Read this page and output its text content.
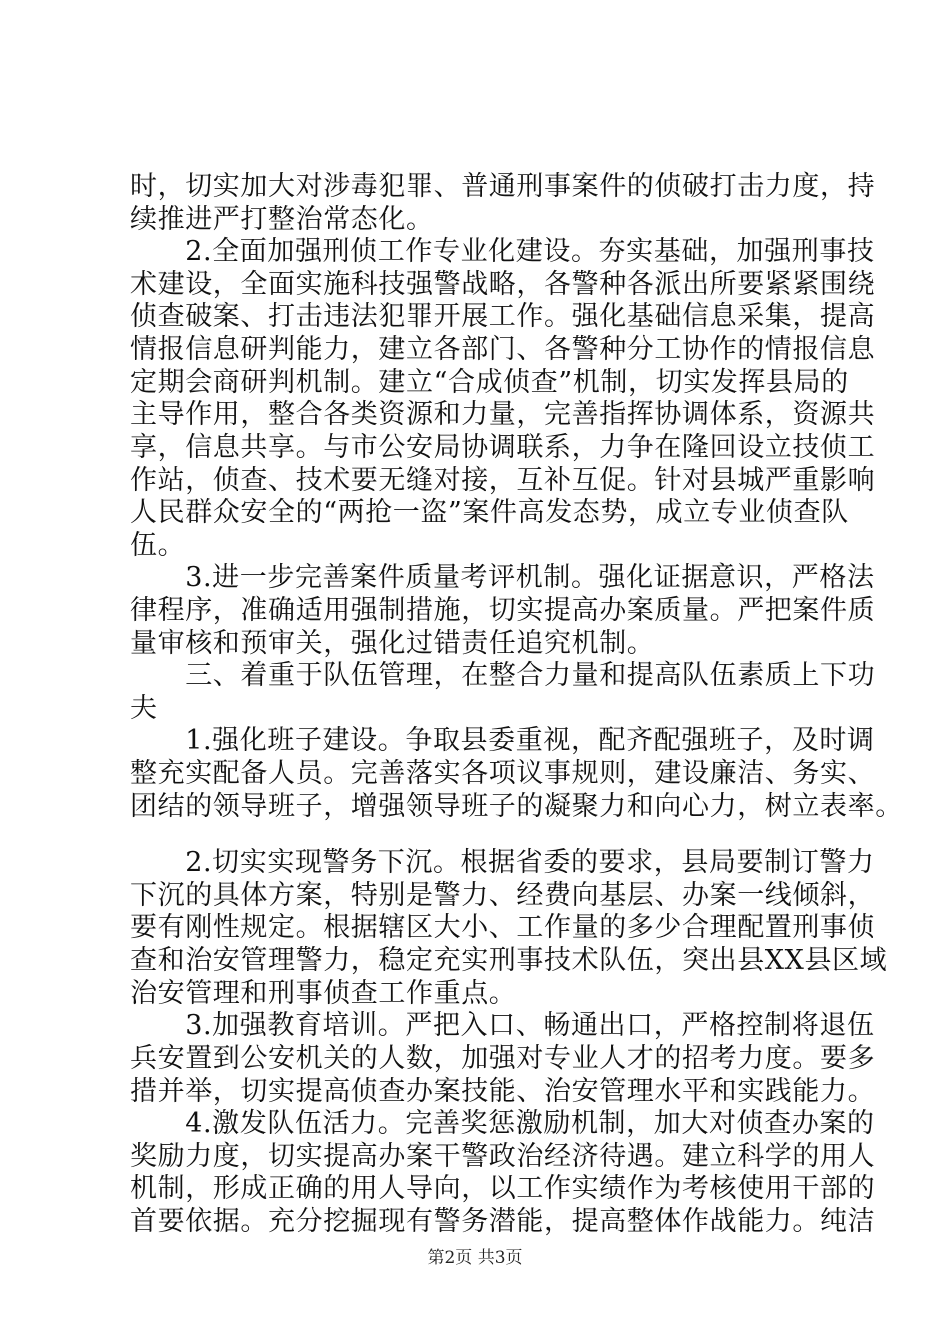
时，切实加大对涉毒犯罪、普通刑事案件的侦破打击力度，持
续推进严打整治常态化。
　　2.全面加强刑侦工作专业化建设。夯实基础，加强刑事技
术建设，全面实施科技强警战略，各警种各派出所要紧紧围绕
侦查破案、打击违法犯罪开展工作。强化基础信息采集，提高
情报信息研判能力，建立各部门、各警种分工协作的情报信息
定期会商研判机制。建立“合成侦查”机制，切实发挥县局的
主导作用，整合各类资源和力量，完善指挥协调体系，资源共
享，信息共享。与市公安局协调联系，力争在隆回设立技侦工
作站，侦查、技术要无缝对接，互补互促。针对县城严重影响
人民群众安全的“两抢一盗”案件高发态势，成立专业侦查队
伍。
　　3.进一步完善案件质量考评机制。强化证据意识，严格法
律程序，准确适用强制措施，切实提高办案质量。严把案件质
量审核和预审关，强化过错责任追究机制。
　　三、着重于队伍管理，在整合力量和提高队伍素质上下功
夫
　　1.强化班子建设。争取县委重视，配齐配强班子，及时调
整充实配备人员。完善落实各项议事规则，建设廉洁、务实、
团结的领导班子，增强领导班子的凝聚力和向心力，树立表率。
　　2.切实实现警务下沉。根据省委的要求，县局要制订警力
下沉的具体方案，特别是警力、经费向基层、办案一线倾斜，
要有刚性规定。根据辖区大小、工作量的多少合理配置刑事侦
查和治安管理警力，稳定充实刑事技术队伍，突出县XX县区域
治安管理和刑事侦查工作重点。
　　3.加强教育培训。严把入口、畅通出口，严格控制将退伍
兵安置到公安机关的人数，加强对专业人才的招考力度。要多
措并举，切实提高侦查办案技能、治安管理水平和实践能力。
　　4.激发队伍活力。完善奖惩激励机制，加大对侦查办案的
奖励力度，切实提高办案干警政治经济待遇。建立科学的用人
机制，形成正确的用人导向，以工作实绩作为考核使用干部的
首要依据。充分挖掘现有警务潜能，提高整体作战能力。纯洁
第2页 共3页
